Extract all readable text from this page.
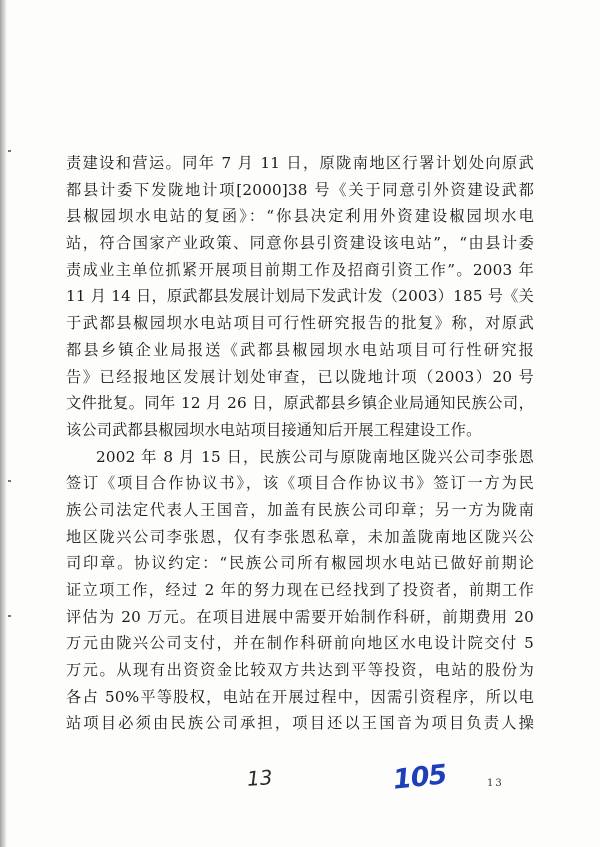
责建设和营运。同年 7 月 11 日，原陇南地区行署计划处向原武
都县计委下发陇地计项[2000]38 号《关于同意引外资建设武都
县椒园坝水电站的复函》：“你县决定利用外资建设椒园坝水电
站，符合国家产业政策、同意你县引资建设该电站”，“由县计委
责成业主单位抓紧开展项目前期工作及招商引资工作”。2003 年
11 月 14 日，原武都县发展计划局下发武计发（2003）185 号《关
于武都县椒园坝水电站项目可行性研究报告的批复》称，对原武
都县乡镇企业局报送《武都县椒园坝水电站项目可行性研究报
告》已经报地区发展计划处审查，已以陇地计项（2003）20 号
文件批复。同年 12 月 26 日，原武都县乡镇企业局通知民族公司，
该公司武都县椒园坝水电站项目接通知后开展工程建设工作。
2002 年 8 月 15 日，民族公司与原陇南地区陇兴公司李张恩
签订《项目合作协议书》，该《项目合作协议书》签订一方为民
族公司法定代表人王国音，加盖有民族公司印章；另一方为陇南
地区陇兴公司李张恩，仅有李张恩私章，未加盖陇南地区陇兴公
司印章。协议约定：“民族公司所有椒园坝水电站已做好前期论
证立项工作，经过 2 年的努力现在已经找到了投资者，前期工作
评估为 20 万元。在项目进展中需要开始制作科研，前期费用 20
万元由陇兴公司支付，并在制作科研前向地区水电设计院交付 5
万元。从现有出资资金比较双方共达到平等投资，电站的股份为
各占 50%平等股权，电站在开展过程中，因需引资程序，所以电
站项目必须由民族公司承担，项目还以王国音为项目负责人操
13	105	13
